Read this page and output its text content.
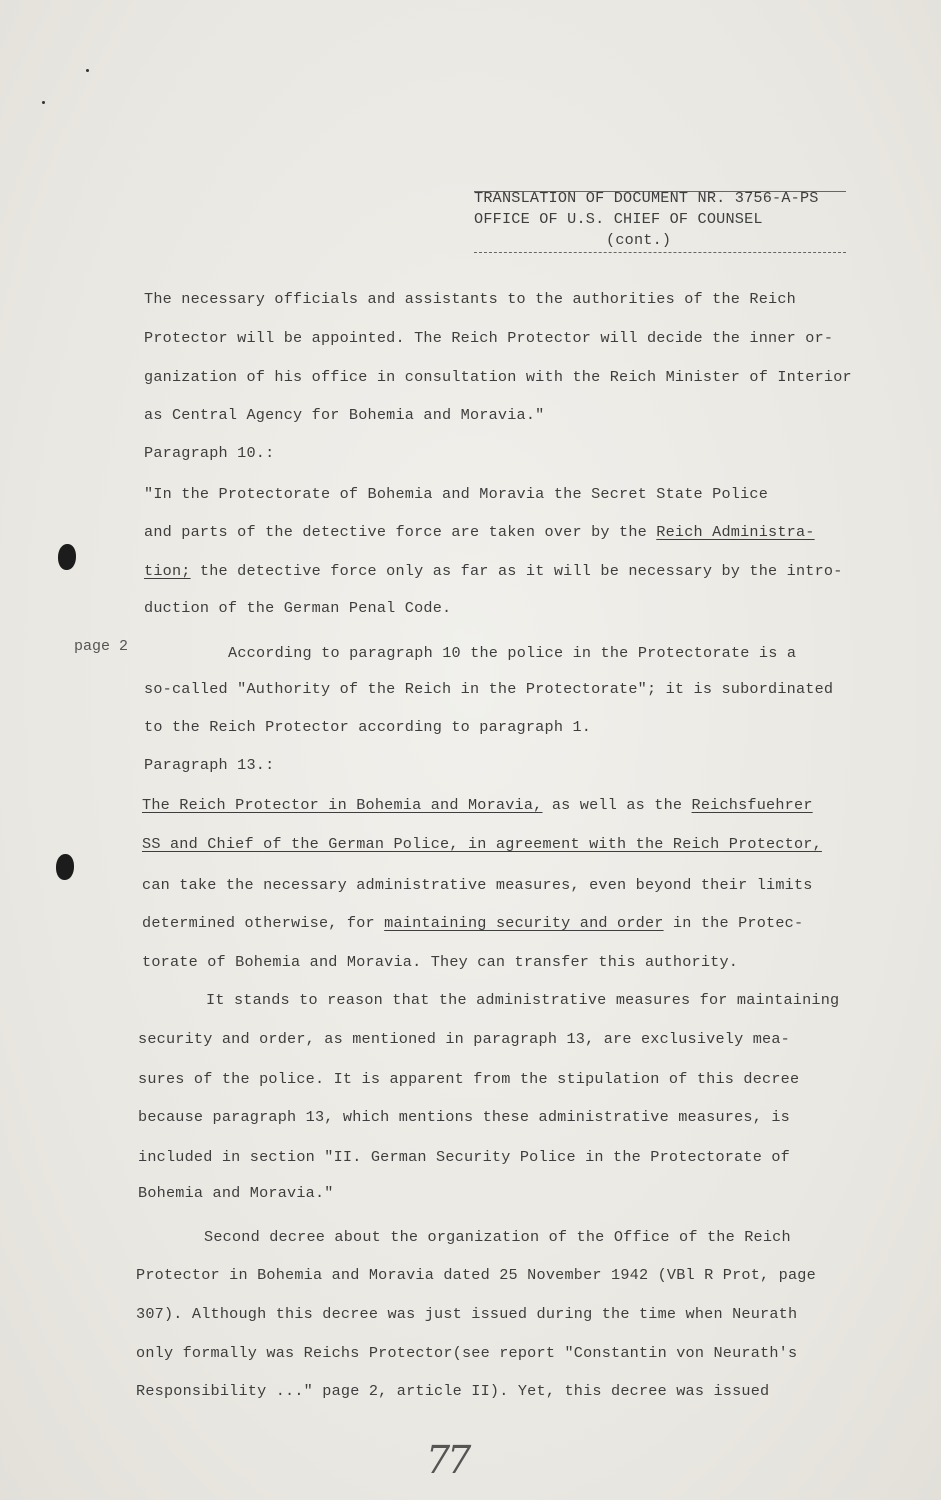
TRANSLATION OF DOCUMENT NR. 3756-A-PS
OFFICE OF U.S. CHIEF OF COUNSEL
(cont.)
The necessary officials and assistants to the authorities of the Reich
Protector will be appointed. The Reich Protector will decide the inner or-
ganization of his office in consultation with the Reich Minister of Interior
as Central Agency for Bohemia and Moravia."
Paragraph 10.:
"In the Protectorate of Bohemia and Moravia the Secret State Police
and parts of the detective force are taken over by the Reich Administra-
tion; the detective force only as far as it will be necessary by the intro-
duction of the German Penal Code.
page 2	According to paragraph 10 the police in the Protectorate is a
so-called "Authority of the Reich in the Protectorate"; it is subordinated
to the Reich Protector according to paragraph 1.
Paragraph 13.:
The Reich Protector in Bohemia and Moravia, as well as the Reichsfuehrer
SS and Chief of the German Police, in agreement with the Reich Protector,
can take the necessary administrative measures, even beyond their limits
determined otherwise, for maintaining security and order in the Protec-
torate of Bohemia and Moravia. They can transfer this authority.
It stands to reason that the administrative measures for maintaining
security and order, as mentioned in paragraph 13, are exclusively mea-
sures of the police. It is apparent from the stipulation of this decree
because paragraph 13, which mentions these administrative measures, is
included in section "II. German Security Police in the Protectorate of
Bohemia and Moravia."
Second decree about the organization of the Office of the Reich
Protector in Bohemia and Moravia dated 25 November 1942 (VBl R Prot, page
307). Although this decree was just issued during the time when Neurath
only formally was Reichs Protector(see report "Constantin von Neurath's
Responsibility ..." page 2, article II). Yet, this decree was issued
77
